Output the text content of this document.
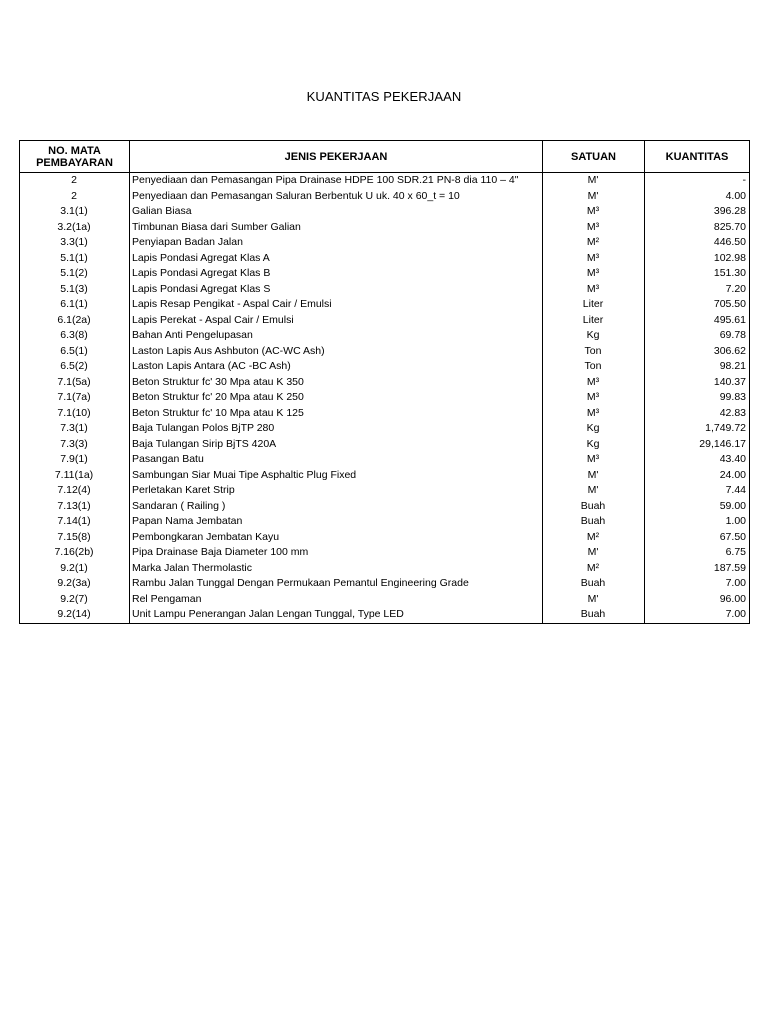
KUANTITAS PEKERJAAN
NO. MATA
PEMBAYARAN	JENIS PEKERJAAN	SATUAN	KUANTITAS
2	Penyediaan dan Pemasangan Pipa Drainase HDPE 100 SDR.21 PN-8 dia 110 – 4"	M'	-
2	Penyediaan dan Pemasangan Saluran Berbentuk U uk. 40 x 60_t = 10	M'	4.00
3.1(1)	Galian Biasa	M³	396.28
3.2(1a)	Timbunan Biasa dari Sumber Galian	M³	825.70
3.3(1)	Penyiapan Badan Jalan	M²	446.50
5.1(1)	Lapis Pondasi Agregat Klas A	M³	102.98
5.1(2)	Lapis Pondasi Agregat Klas B	M³	151.30
5.1(3)	Lapis Pondasi Agregat Klas S	M³	7.20
6.1(1)	Lapis Resap Pengikat - Aspal Cair / Emulsi	Liter	705.50
6.1(2a)	Lapis Perekat - Aspal Cair / Emulsi	Liter	495.61
6.3(8)	Bahan Anti Pengelupasan	Kg	69.78
6.5(1)	Laston Lapis Aus Ashbuton (AC-WC Ash)	Ton	306.62
6.5(2)	Laston Lapis Antara (AC -BC Ash)	Ton	98.21
7.1(5a)	Beton Struktur fc' 30 Mpa atau K 350	M³	140.37
7.1(7a)	Beton Struktur fc' 20 Mpa atau K 250	M³	99.83
7.1(10)	Beton Struktur fc' 10 Mpa atau K 125	M³	42.83
7.3(1)	Baja Tulangan Polos BjTP 280	Kg	1,749.72
7.3(3)	Baja Tulangan Sirip BjTS 420A	Kg	29,146.17
7.9(1)	Pasangan Batu	M³	43.40
7.11(1a)	Sambungan Siar Muai Tipe Asphaltic Plug Fixed	M'	24.00
7.12(4)	Perletakan Karet Strip	M'	7.44
7.13(1)	Sandaran ( Railing )	Buah	59.00
7.14(1)	Papan Nama Jembatan	Buah	1.00
7.15(8)	Pembongkaran Jembatan Kayu	M²	67.50
7.16(2b)	Pipa Drainase Baja Diameter 100 mm	M'	6.75
9.2(1)	Marka Jalan Thermolastic	M²	187.59
9.2(3a)	Rambu Jalan Tunggal Dengan Permukaan Pemantul Engineering Grade	Buah	7.00
9.2(7)	Rel Pengaman	M'	96.00
9.2(14)	Unit Lampu Penerangan Jalan Lengan Tunggal, Type LED	Buah	7.00
